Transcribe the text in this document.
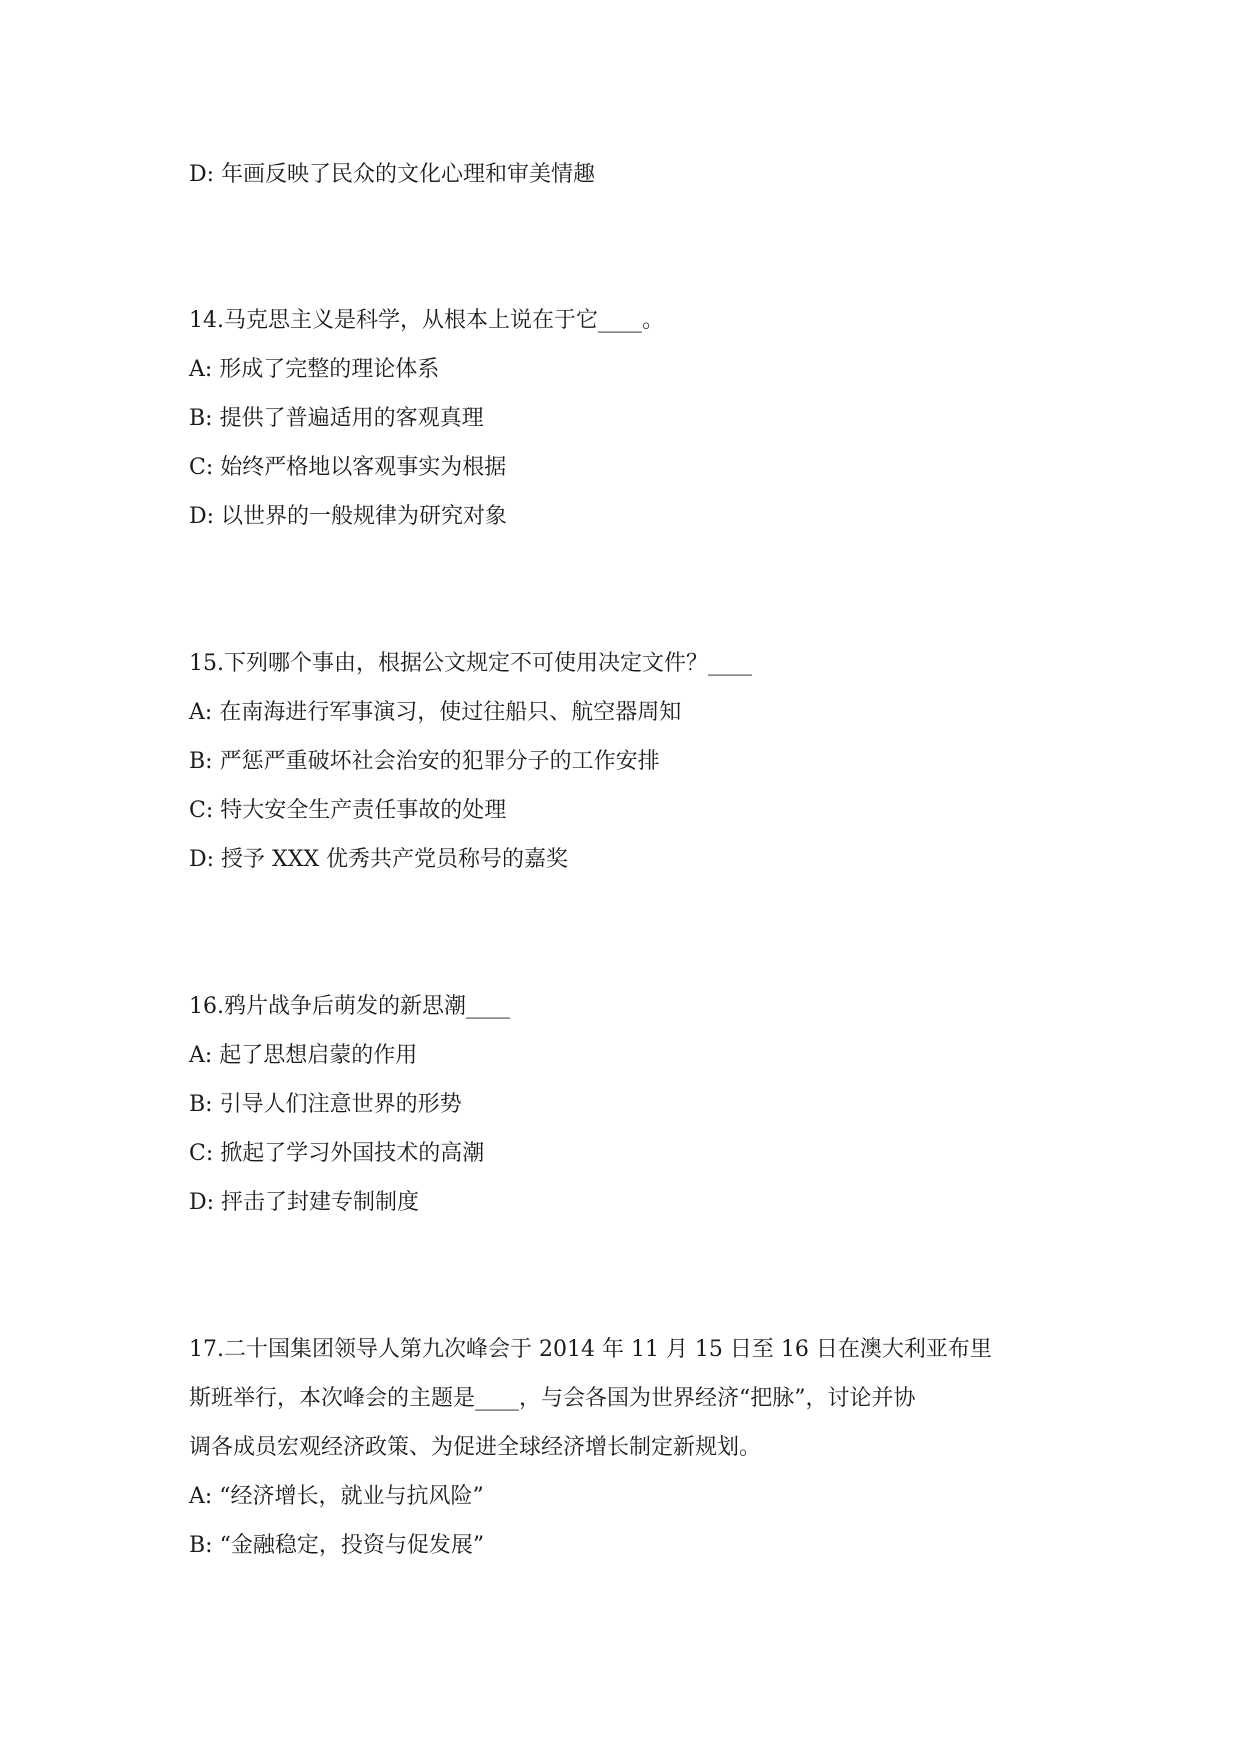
D: 年画反映了民众的文化心理和审美情趣

14.马克思主义是科学，从根本上说在于它____。

A: 形成了完整的理论体系

B: 提供了普遍适用的客观真理

C: 始终严格地以客观事实为根据

D: 以世界的一般规律为研究对象

15.下列哪个事由，根据公文规定不可使用决定文件？____

A: 在南海进行军事演习，使过往船只、航空器周知

B: 严惩严重破坏社会治安的犯罪分子的工作安排

C: 特大安全生产责任事故的处理

D: 授予 XXX 优秀共产党员称号的嘉奖

16.鸦片战争后萌发的新思潮____

A: 起了思想启蒙的作用

B: 引导人们注意世界的形势

C: 掀起了学习外国技术的高潮

D: 抨击了封建专制制度

17.二十国集团领导人第九次峰会于 2014 年 11 月 15 日至 16 日在澳大利亚布里

斯班举行，本次峰会的主题是____，与会各国为世界经济“把脉”，讨论并协

调各成员宏观经济政策、为促进全球经济增长制定新规划。

A: “经济增长，就业与抗风险”

B: “金融稳定，投资与促发展”
